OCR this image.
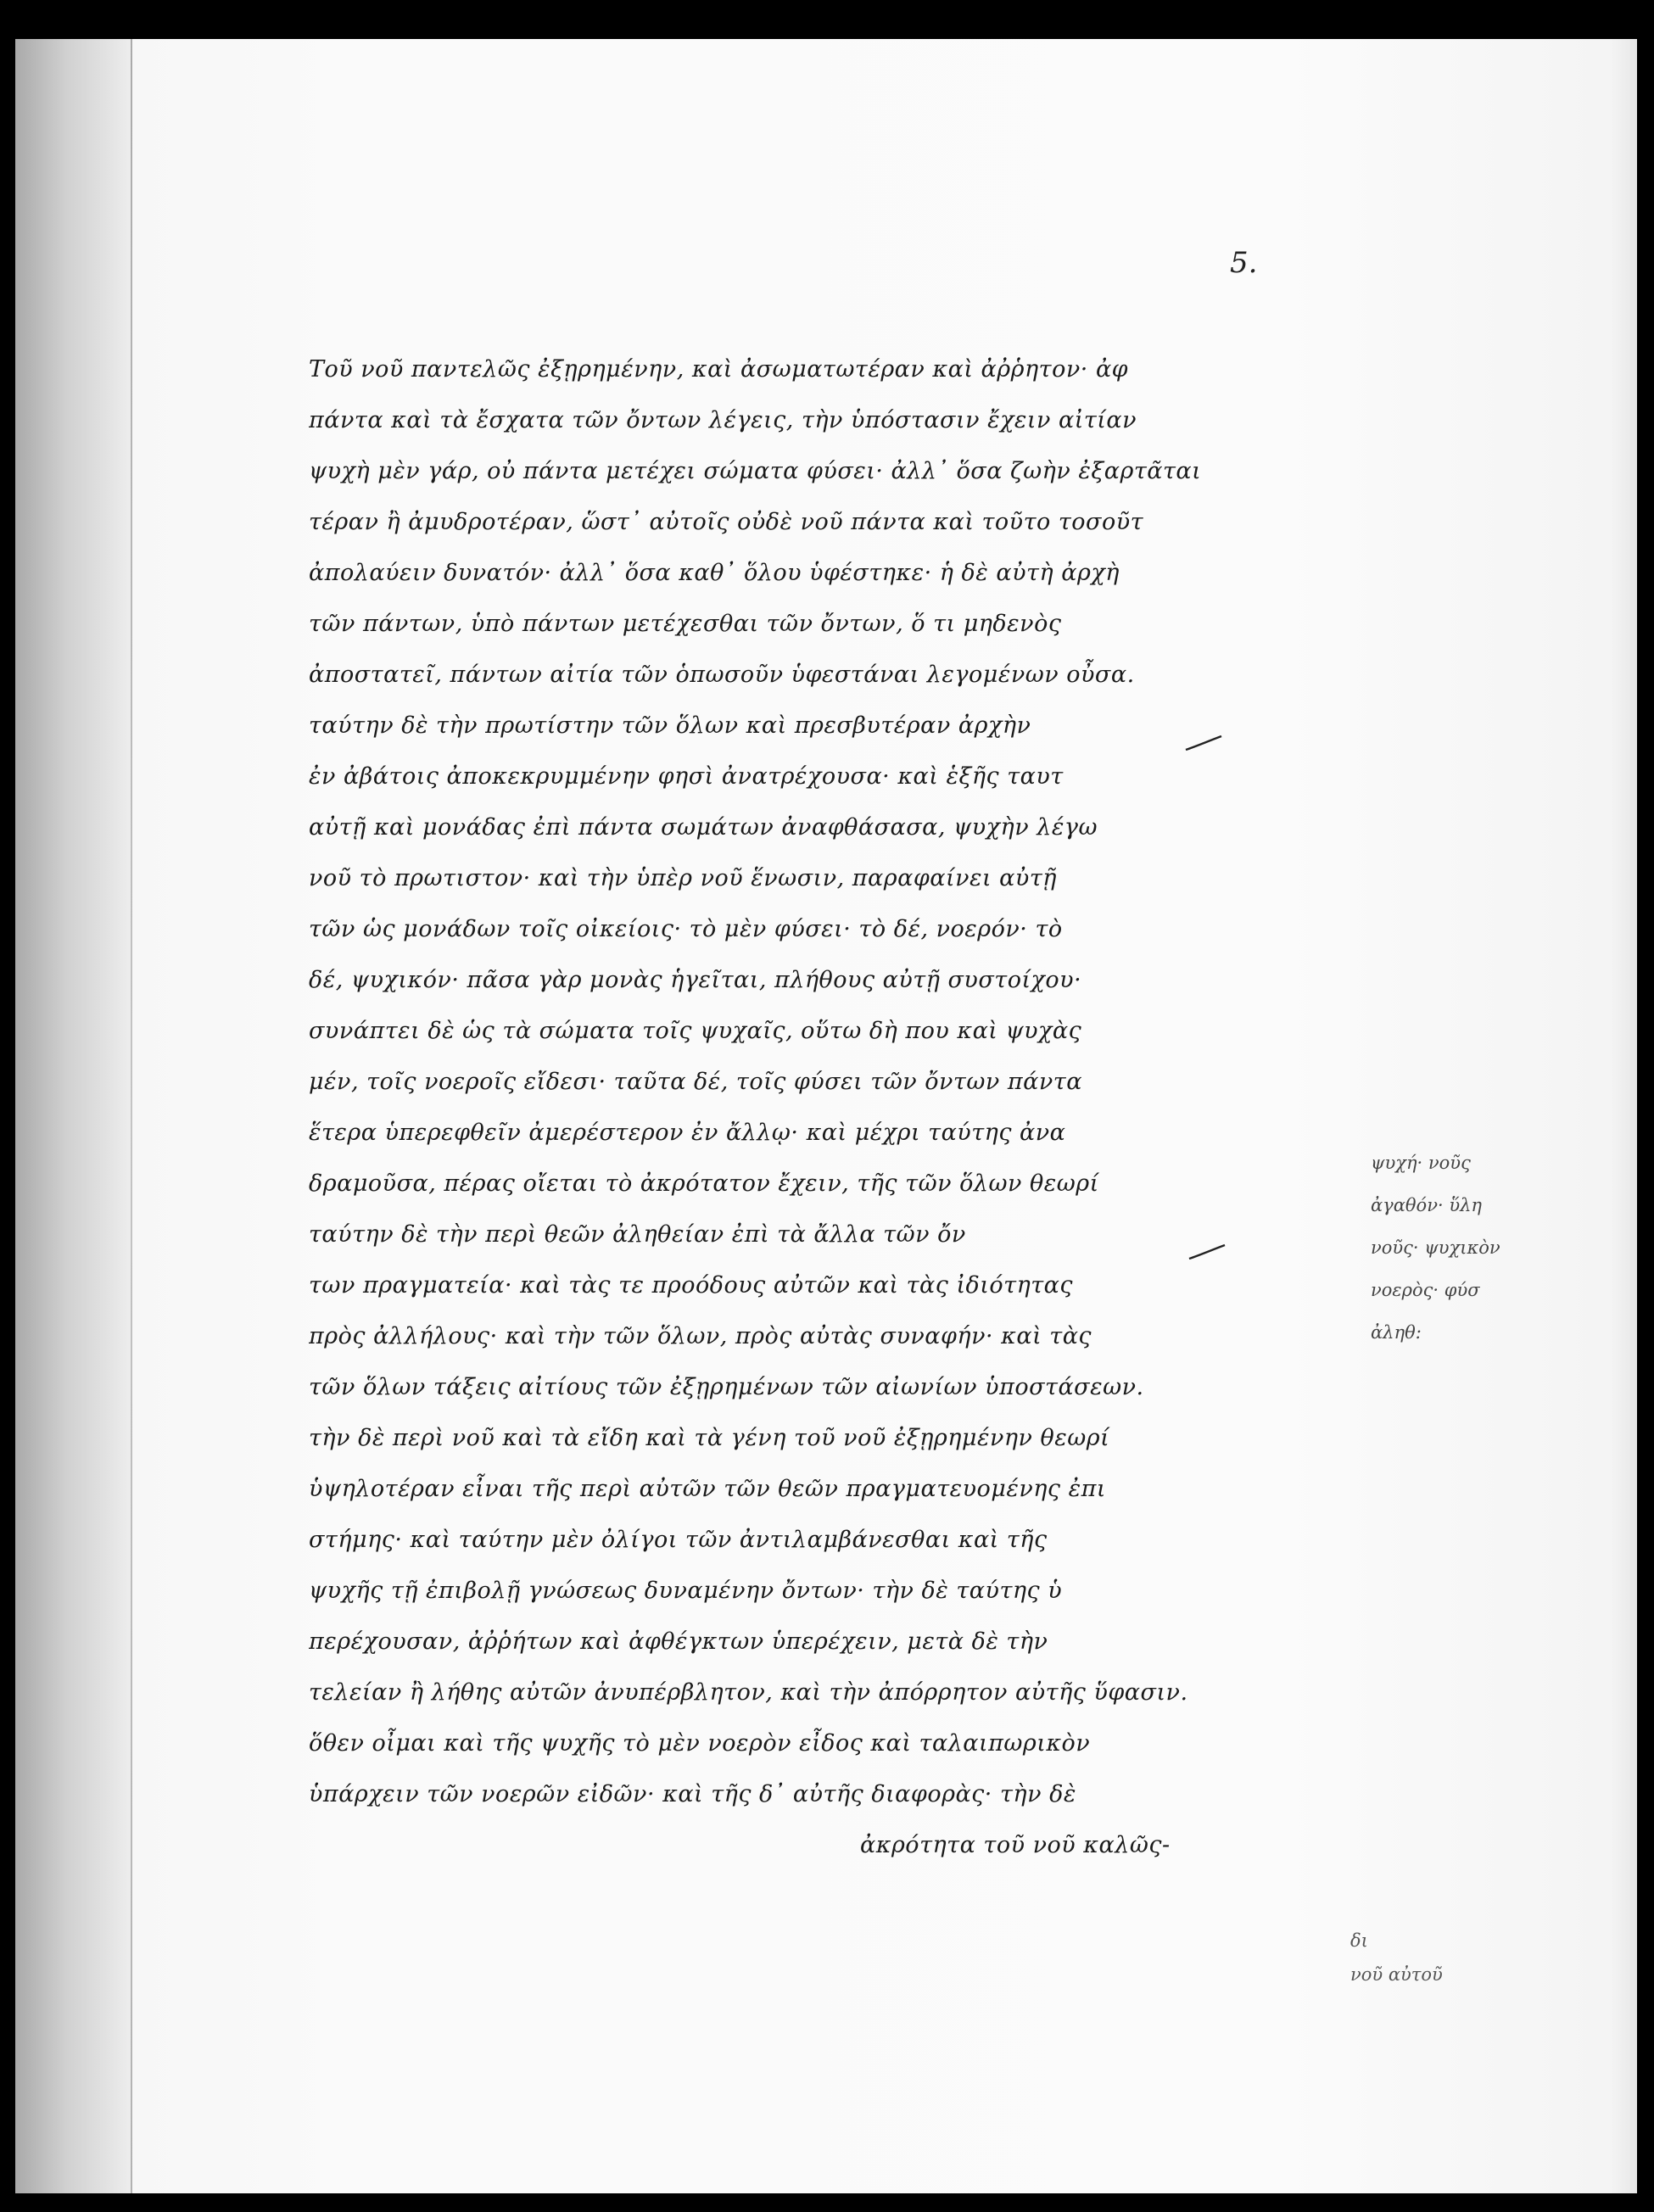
5.
Τοῦ νοῦ παντελῶς ἐξῃρημένην, καὶ ἀσωματωτέραν καὶ ἀῤῥητον· ἀφ
πάντα καὶ τὰ ἔσχατα τῶν ὄντων λέγεις, τὴν ὑπόστασιν ἔχειν αἰτίαν
ψυχὴ μὲν γάρ, οὐ πάντα μετέχει σώματα φύσει· ἀλλ᾽ ὅσα ζωὴν ἐξαρτᾶται
τέραν ἢ ἀμυδροτέραν, ὥστ᾽ αὐτοῖς οὐδὲ νοῦ πάντα καὶ τοῦτο τοσοῦτ
ἀπολαύειν δυνατόν· ἀλλ᾽ ὅσα καθ᾽ ὅλου ὑφέστηκε· ἡ δὲ αὐτὴ ἀρχὴ
τῶν πάντων, ὑπὸ πάντων μετέχεσθαι τῶν ὄντων, ὅ τι μηδενὸς
ἀποστατεῖ, πάντων αἰτία τῶν ὁπωσοῦν ὑφεστάναι λεγομένων οὖσα.
ταύτην δὲ τὴν πρωτίστην τῶν ὅλων καὶ πρεσβυτέραν ἀρχὴν
ἐν ἀβάτοις ἀποκεκρυμμένην φησὶ ἀνατρέχουσα· καὶ ἑξῆς ταυτ
αὐτῇ καὶ μονάδας ἐπὶ πάντα σωμάτων ἀναφθάσασα, ψυχὴν λέγω
νοῦ τὸ πρωτιστον· καὶ τὴν ὑπὲρ νοῦ ἕνωσιν, παραφαίνει αὐτῇ
τῶν ὡς μονάδων τοῖς οἰκείοις· τὸ μὲν φύσει· τὸ δέ, νοερόν· τὸ
δέ, ψυχικόν· πᾶσα γὰρ μονὰς ἡγεῖται, πλήθους αὐτῇ συστοίχου·
συνάπτει δὲ ὡς τὰ σώματα τοῖς ψυχαῖς, οὕτω δὴ που καὶ ψυχὰς
μέν, τοῖς νοεροῖς εἴδεσι· ταῦτα δέ, τοῖς φύσει τῶν ὄντων πάντα
ἕτερα ὑπερεφθεῖν ἀμερέστερον ἐν ἄλλῳ· καὶ μέχρι ταύτης ἀνα
δραμοῦσα, πέρας οἴεται τὸ ἀκρότατον ἔχειν, τῆς τῶν ὅλων θεωρί
ταύτην δὲ τὴν περὶ θεῶν ἀληθείαν ἐπὶ τὰ ἄλλα τῶν ὄν
των πραγματεία· καὶ τὰς τε προόδους αὐτῶν καὶ τὰς ἰδιότητας
πρὸς ἀλλήλους· καὶ τὴν τῶν ὅλων, πρὸς αὐτὰς συναφήν· καὶ τὰς
τῶν ὅλων τάξεις αἰτίους τῶν ἐξῃρημένων τῶν αἰωνίων ὑποστάσεων.
τὴν δὲ περὶ νοῦ καὶ τὰ εἴδη καὶ τὰ γένη τοῦ νοῦ ἐξῃρημένην θεωρί
ὑψηλοτέραν εἶναι τῆς περὶ αὐτῶν τῶν θεῶν πραγματευομένης ἐπι
στήμης· καὶ ταύτην μὲν ὀλίγοι τῶν ἀντιλαμβάνεσθαι καὶ τῆς
ψυχῆς τῇ ἐπιβολῇ γνώσεως δυναμένην ὄντων· τὴν δὲ ταύτης ὑ
περέχουσαν, ἀῤῥήτων καὶ ἀφθέγκτων ὑπερέχειν, μετὰ δὲ τὴν
τελείαν ἢ λήθης αὐτῶν ἀνυπέρβλητον, καὶ τὴν ἀπόρρητον αὐτῆς ὕφασιν.
ὅθεν οἶμαι καὶ τῆς ψυχῆς τὸ μὲν νοερὸν εἶδος καὶ ταλαιπωρικὸν
ὑπάρχειν τῶν νοερῶν εἰδῶν· καὶ τῆς δ᾽ αὐτῆς διαφορὰς· τὴν δὲ
ἀκρότητα τοῦ νοῦ καλῶς-
ψυχή· νοῦς
ἀγαθόν· ὕλη
νοῦς· ψυχικὸν
νοερὸς· φύσ
ἀληθ:
δι
νοῦ αὐτοῦ
